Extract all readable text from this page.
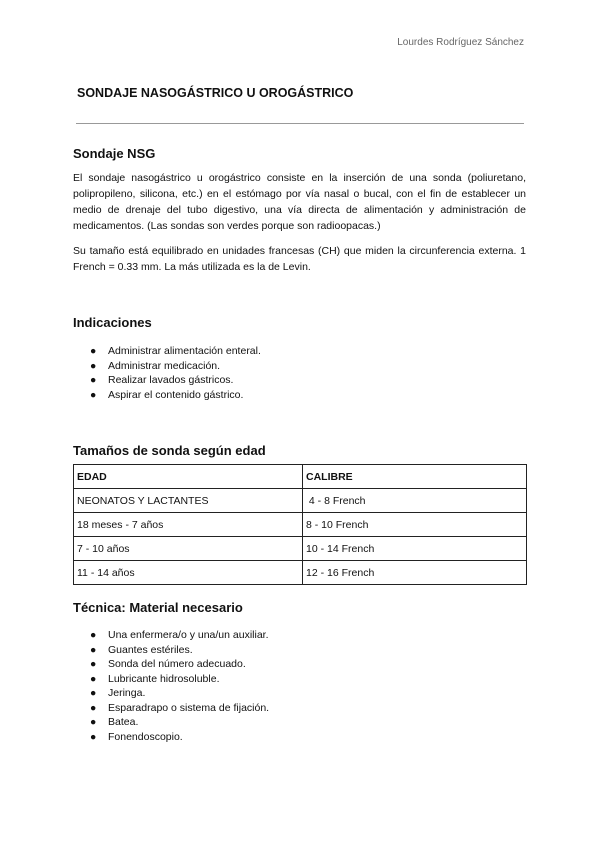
Lourdes Rodríguez Sánchez
SONDAJE NASOGÁSTRICO U OROGÁSTRICO
Sondaje NSG

El sondaje nasogástrico u orogástrico consiste en la inserción de una sonda (poliuretano, polipropileno, silicona, etc.) en el estómago por vía nasal o bucal, con el fin de establecer un medio de drenaje del tubo digestivo, una vía directa de alimentación y administración de medicamentos. (Las sondas son verdes porque son radioopacas.)

Su tamaño está equilibrado en unidades francesas (CH) que miden la circunferencia externa. 1 French = 0.33 mm. La más utilizada es la de Levin.

Indicaciones
● Administrar alimentación enteral.
● Administrar medicación.
● Realizar lavados gástricos.
● Aspirar el contenido gástrico.
Tamaños de sonda según edad
EDAD	CALIBRE
NEONATOS Y LACTANTES	4 - 8 French
18 meses - 7 años	8 - 10 French
7 - 10 años	10 - 14 French
11 - 14 años	12 - 16 French
Técnica: Material necesario
● Una enfermera/o y una/un auxiliar.
● Guantes estériles.
● Sonda del número adecuado.
● Lubricante hidrosoluble.
● Jeringa.
● Esparadrapo o sistema de fijación.
● Batea.
● Fonendoscopio.
